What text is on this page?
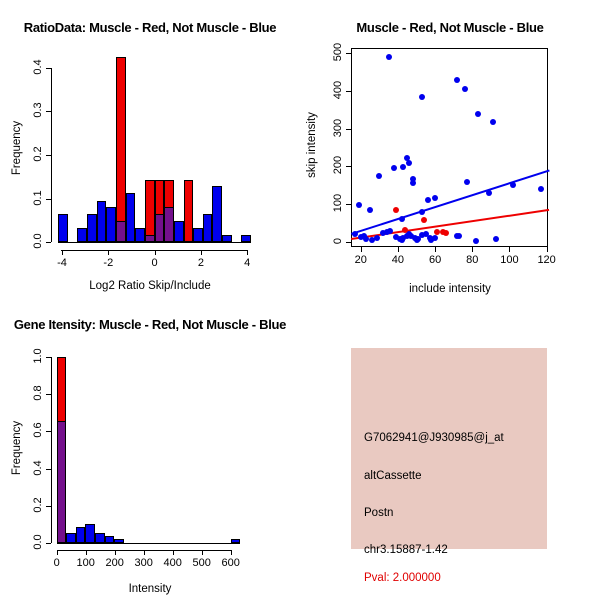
RatioData: Muscle - Red, Not Muscle - Blue
-4	-2	0	2	4
0.0
0.1
0.2
0.3
0.4
Log2 Ratio Skip/Include
Frequency
Muscle - Red, Not Muscle - Blue
20	40	60	80	100	120
0
100
200
300
400
500
include intensity
skip intensity
Gene Itensity: Muscle - Red, Not Muscle - Blue
0	100 200 300 400 500 600
0.0
0.2
0.4
0.6
0.8
1.0
Intensity
Frequency	G7062941@J930985@j_at
altCassette
Postn
chr3.15887-1.42
Pval: 2.000000
